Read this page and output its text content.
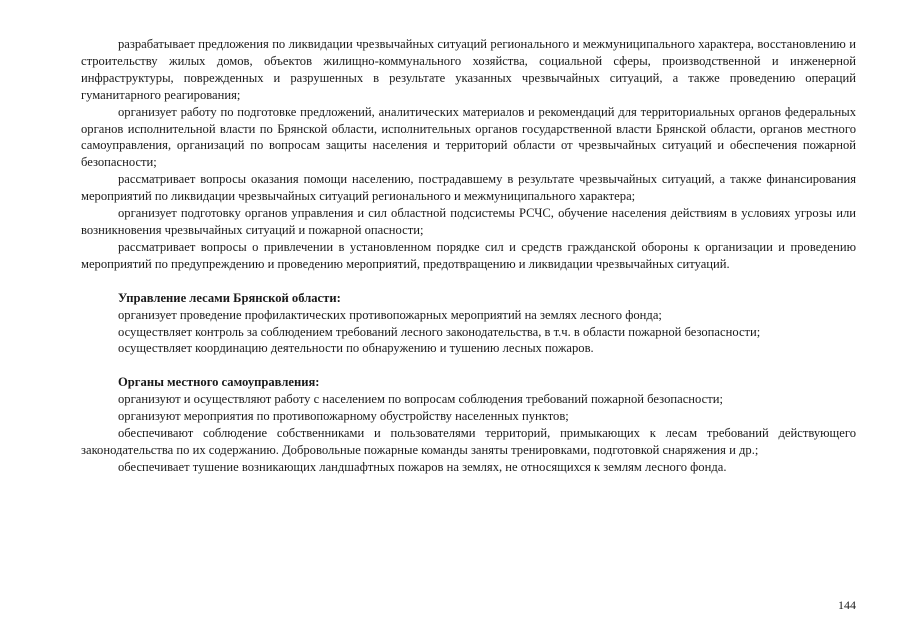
разрабатывает предложения по ликвидации чрезвычайных ситуаций регионального и межмуниципального характера, восстановлению и строительству жилых домов, объектов жилищно-коммунального хозяйства, социальной сферы, производственной и инженерной инфраструктуры, поврежденных и разрушенных в результате указанных чрезвычайных ситуаций, а также проведению операций гуманитарного реагирования;

организует работу по подготовке предложений, аналитических материалов и рекомендаций для территориальных органов федеральных органов исполнительной власти по Брянской области, исполнительных органов государственной власти Брянской области, органов местного самоуправления, организаций по вопросам защиты населения и территорий области от чрезвычайных ситуаций и обеспечения пожарной безопасности;

рассматривает вопросы оказания помощи населению, пострадавшему в результате чрезвычайных ситуаций, а также финансирования мероприятий по ликвидации чрезвычайных ситуаций регионального и межмуниципального характера;

организует подготовку органов управления и сил областной подсистемы РСЧС, обучение населения действиям в условиях угрозы или возникновения чрезвычайных ситуаций и пожарной опасности;

рассматривает вопросы о привлечении в установленном порядке сил и средств гражданской обороны к организации и проведению мероприятий по предупреждению и проведению мероприятий, предотвращению и ликвидации чрезвычайных ситуаций.

Управление лесами Брянской области:

организует проведение профилактических противопожарных мероприятий на землях лесного фонда;

осуществляет контроль за соблюдением требований лесного законодательства, в т.ч. в области пожарной безопасности;

осуществляет координацию деятельности по обнаружению и тушению лесных пожаров.

Органы местного самоуправления:

организуют и осуществляют работу с населением по вопросам соблюдения требований пожарной безопасности;

организуют мероприятия по противопожарному обустройству населенных пунктов;

обеспечивают соблюдение собственниками и пользователями территорий, примыкающих к лесам требований действующего законодательства по их содержанию. Добровольные пожарные команды заняты тренировками, подготовкой снаряжения и др.;

обеспечивает тушение возникающих ландшафтных пожаров на землях, не относящихся к землям лесного фонда.

144
